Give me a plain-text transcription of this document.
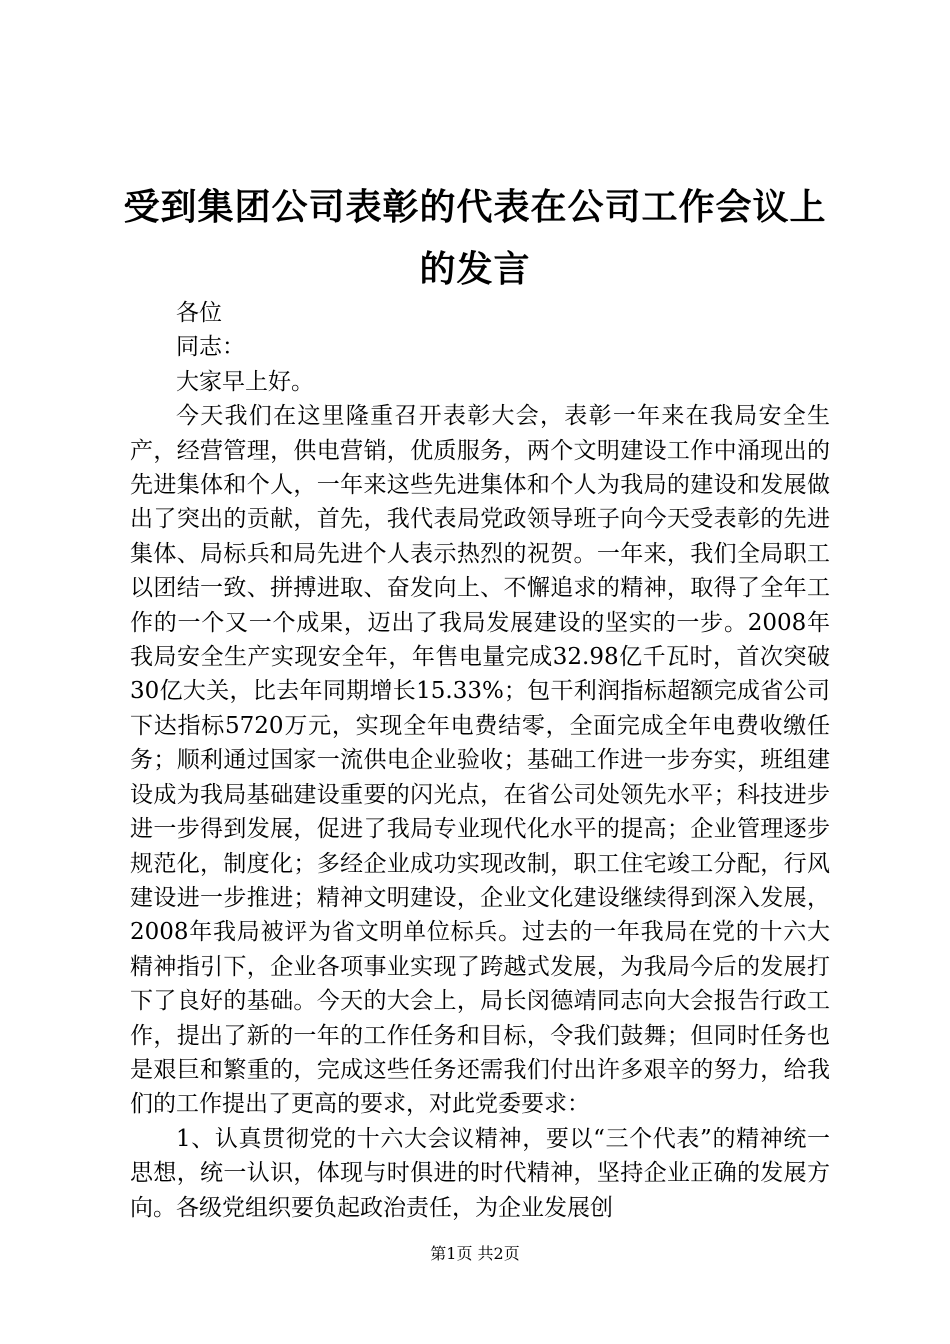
受到集团公司表彰的代表在公司工作会议上的发言

各位

同志：

大家早上好。

今天我们在这里隆重召开表彰大会，表彰一年来在我局安全生产，经营管理，供电营销，优质服务，两个文明建设工作中涌现出的先进集体和个人，一年来这些先进集体和个人为我局的建设和发展做出了突出的贡献，首先，我代表局党政领导班子向今天受表彰的先进集体、局标兵和局先进个人表示热烈的祝贺。一年来，我们全局职工以团结一致、拼搏进取、奋发向上、不懈追求的精神，取得了全年工作的一个又一个成果，迈出了我局发展建设的坚实的一步。2008年我局安全生产实现安全年，年售电量完成32.98亿千瓦时，首次突破30亿大关，比去年同期增长15.33%；包干利润指标超额完成省公司下达指标5720万元，实现全年电费结零，全面完成全年电费收缴任务；顺利通过国家一流供电企业验收；基础工作进一步夯实，班组建设成为我局基础建设重要的闪光点，在省公司处领先水平；科技进步进一步得到发展，促进了我局专业现代化水平的提高；企业管理逐步规范化，制度化；多经企业成功实现改制，职工住宅竣工分配，行风建设进一步推进；精神文明建设，企业文化建设继续得到深入发展，2008年我局被评为省文明单位标兵。过去的一年我局在党的十六大精神指引下，企业各项事业实现了跨越式发展，为我局今后的发展打下了良好的基础。今天的大会上，局长闵德靖同志向大会报告行政工作，提出了新的一年的工作任务和目标，令我们鼓舞；但同时任务也是艰巨和繁重的，完成这些任务还需我们付出许多艰辛的努力，给我们的工作提出了更高的要求，对此党委要求：

1、认真贯彻党的十六大会议精神，要以“三个代表”的精神统一思想，统一认识，体现与时俱进的时代精神，坚持企业正确的发展方向。各级党组织要负起政治责任，为企业发展创

第1页 共2页
